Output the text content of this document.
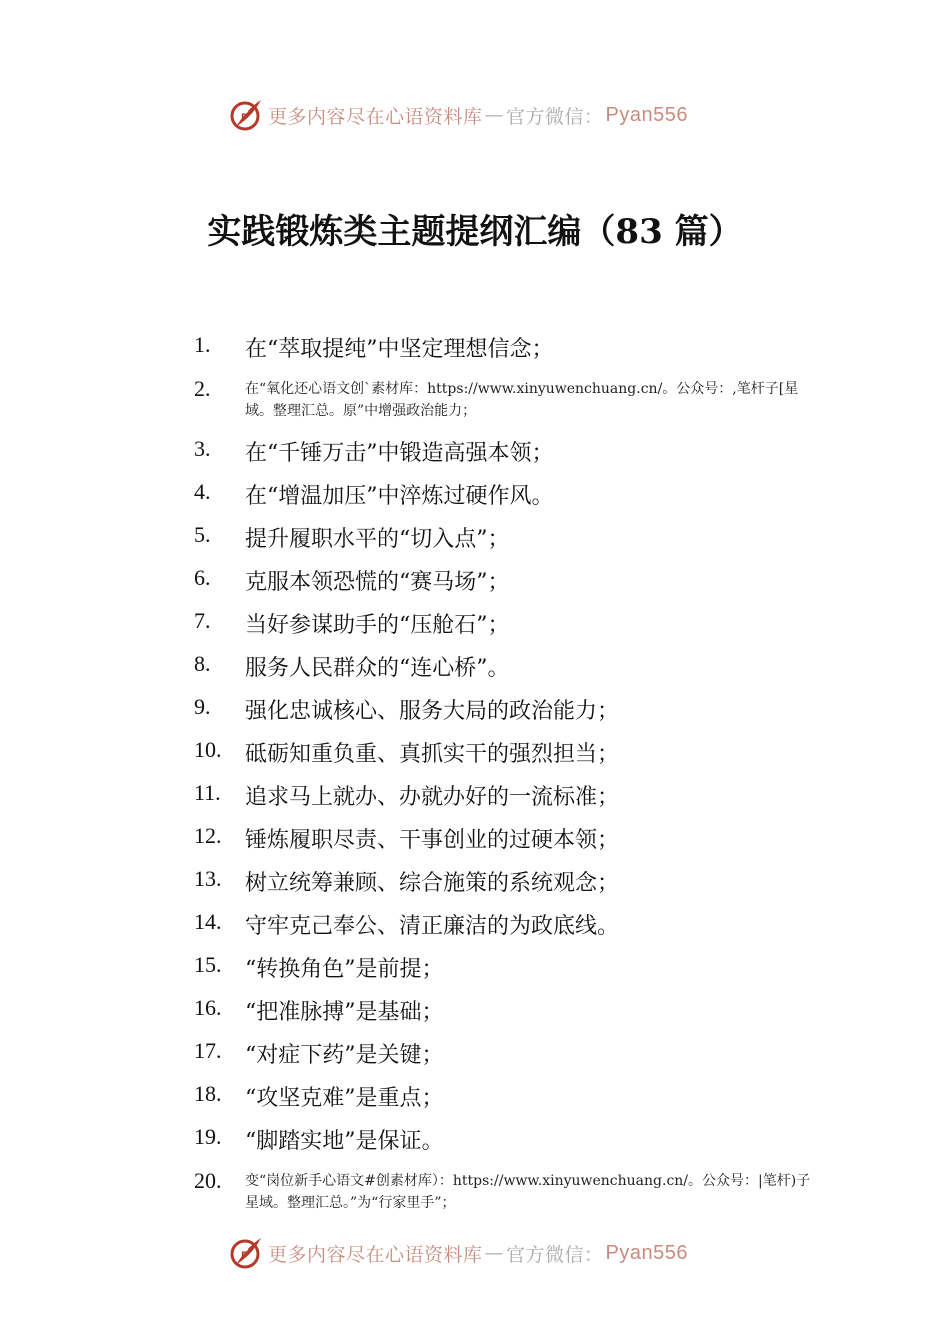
P 更多内容尽在心语资料库 — 官方微信： Pyan556
实践锻炼类主题提纲汇编（83 篇）
1. 在“萃取提纯”中坚定理想信念；
2. 在“氧化还心语文创`素材库：https://www.xinyuwenchuang.cn/。公众号：,笔杆子[星域。整理汇总。原”中增强政治能力；
3. 在“千锤万击”中锻造高强本领；
4. 在“增温加压”中淬炼过硬作风。
5. 提升履职水平的“切入点”；
6. 克服本领恐慌的“赛马场”；
7. 当好参谋助手的“压舱石”；
8. 服务人民群众的“连心桥”。
9. 强化忠诚核心、服务大局的政治能力；
10. 砥砺知重负重、真抓实干的强烈担当；
11. 追求马上就办、办就办好的一流标准；
12. 锤炼履职尽责、干事创业的过硬本领；
13. 树立统筹兼顾、综合施策的系统观念；
14. 守牢克己奉公、清正廉洁的为政底线。
15. “转换角色”是前提；
16. “把准脉搏”是基础；
17. “对症下药”是关键；
18. “攻坚克难”是重点；
19. “脚踏实地”是保证。
20. 变“岗位新手心语文#创素材库）：https://www.xinyuwenchuang.cn/。公众号：|笔杆)子星域。整理汇总。”为“行家里手”；
P 更多内容尽在心语资料库 — 官方微信： Pyan556
